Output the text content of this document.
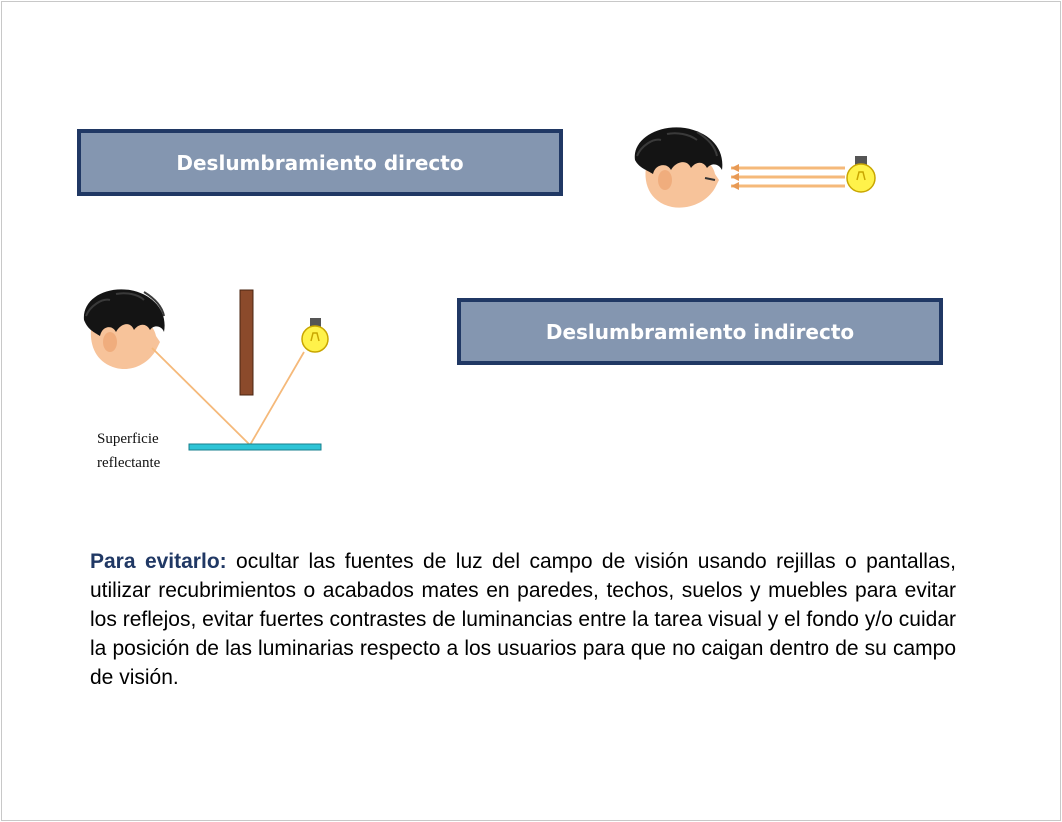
Deslumbramiento directo
Deslumbramiento indirecto
Superficie
reflectante
Para evitarlo: ocultar las fuentes de luz del campo de visión usando rejillas o pantallas, utilizar recubrimientos o acabados mates en paredes, techos, suelos y muebles para evitar los reflejos, evitar fuertes contrastes de luminancias entre la tarea visual y el fondo y/o cuidar la posición de las luminarias respecto a los usuarios para que no caigan dentro de su campo de visión.
